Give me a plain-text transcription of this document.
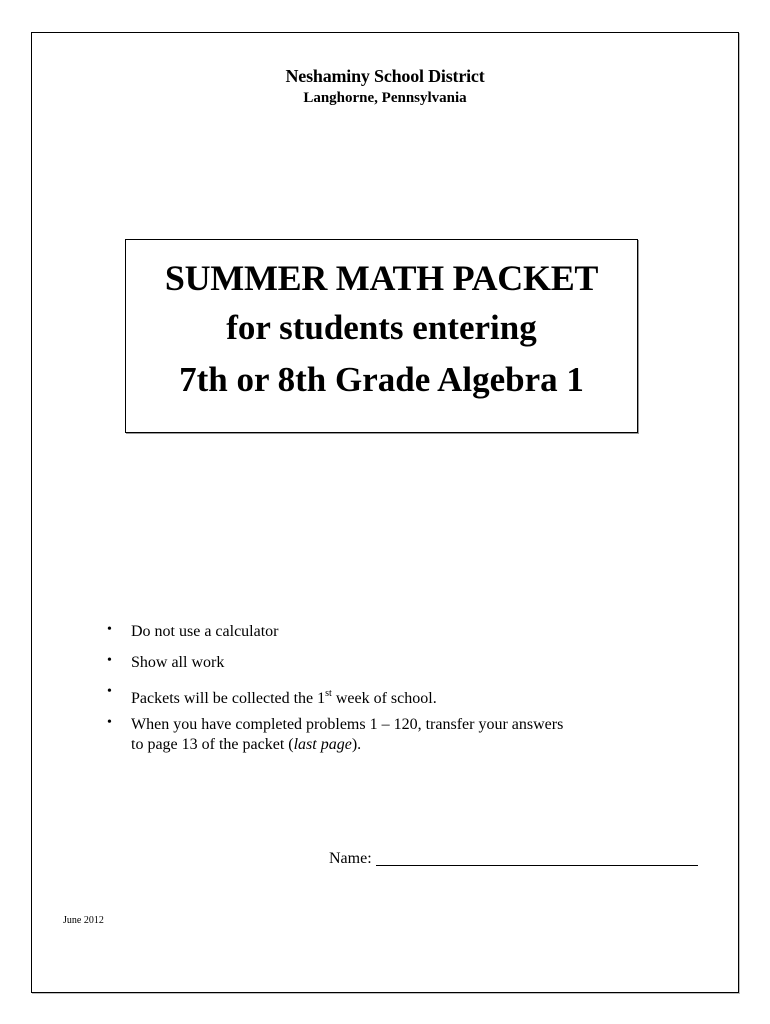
Neshaminy School District
Langhorne, Pennsylvania
SUMMER MATH PACKET
for students entering
7th or 8th Grade Algebra 1
•	Do not use a calculator
•	Show all work
•	Packets will be collected the 1st week of school.
•	When you have completed problems 1 – 120, transfer your answers
to page 13 of the packet (last page).
Name:
June 2012
